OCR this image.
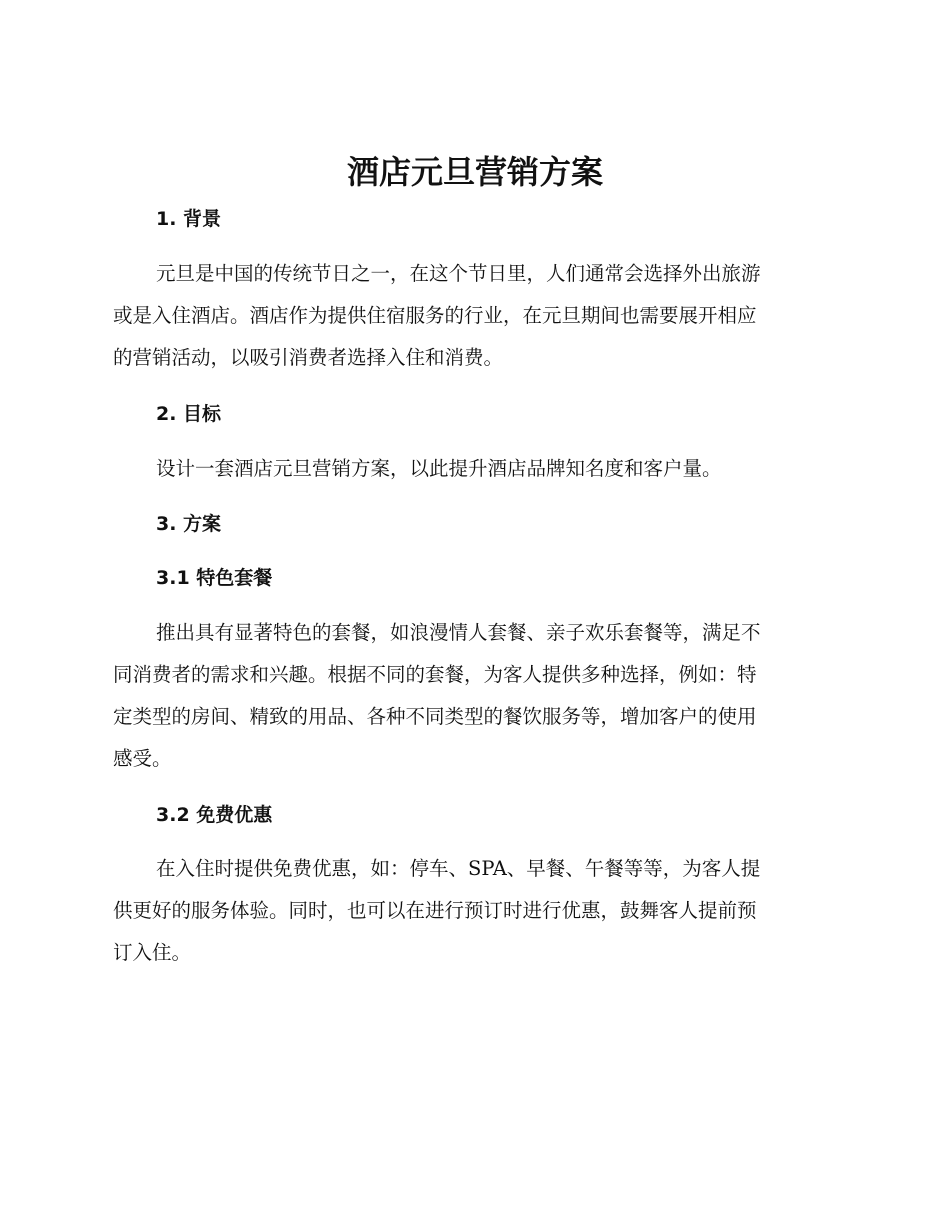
酒店元旦营销方案
1. 背景
元旦是中国的传统节日之一，在这个节日里，人们通常会选择外出旅游
或是入住酒店。酒店作为提供住宿服务的行业，在元旦期间也需要展开相应
的营销活动，以吸引消费者选择入住和消费。
2. 目标
设计一套酒店元旦营销方案，以此提升酒店品牌知名度和客户量。
3. 方案
3.1 特色套餐
推出具有显著特色的套餐，如浪漫情人套餐、亲子欢乐套餐等，满足不
同消费者的需求和兴趣。根据不同的套餐，为客人提供多种选择，例如：特
定类型的房间、精致的用品、各种不同类型的餐饮服务等，增加客户的使用
感受。
3.2 免费优惠
在入住时提供免费优惠，如：停车、SPA、早餐、午餐等等，为客人提
供更好的服务体验。同时，也可以在进行预订时进行优惠，鼓舞客人提前预
订入住。
